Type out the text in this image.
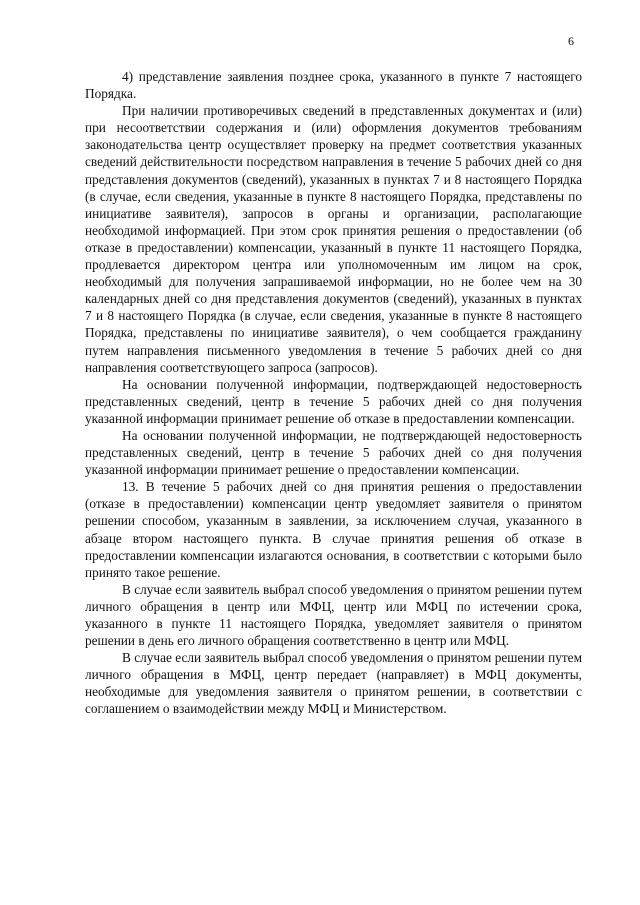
6

4) представление заявления позднее срока, указанного в пункте 7 настоящего Порядка.

При наличии противоречивых сведений в представленных документах и (или) при несоответствии содержания и (или) оформления документов требованиям законодательства центр осуществляет проверку на предмет соответствия указанных сведений действительности посредством направления в течение 5 рабочих дней со дня представления документов (сведений), указанных в пунктах 7 и 8 настоящего Порядка (в случае, если сведения, указанные в пункте 8 настоящего Порядка, представлены по инициативе заявителя), запросов в органы и организации, располагающие необходимой информацией. При этом срок принятия решения о предоставлении (об отказе в предоставлении) компенсации, указанный в пункте 11 настоящего Порядка, продлевается директором центра или уполномоченным им лицом на срок, необходимый для получения запрашиваемой информации, но не более чем на 30 календарных дней со дня представления документов (сведений), указанных в пунктах 7 и 8 настоящего Порядка (в случае, если сведения, указанные в пункте 8 настоящего Порядка, представлены по инициативе заявителя), о чем сообщается гражданину путем направления письменного уведомления в течение 5 рабочих дней со дня направления соответствующего запроса (запросов).

На основании полученной информации, подтверждающей недостоверность представленных сведений, центр в течение 5 рабочих дней со дня получения указанной информации принимает решение об отказе в предоставлении компенсации.

На основании полученной информации, не подтверждающей недостоверность представленных сведений, центр в течение 5 рабочих дней со дня получения указанной информации принимает решение о предоставлении компенсации.

13. В течение 5 рабочих дней со дня принятия решения о предоставлении (отказе в предоставлении) компенсации центр уведомляет заявителя о принятом решении способом, указанным в заявлении, за исключением случая, указанного в абзаце втором настоящего пункта. В случае принятия решения об отказе в предоставлении компенсации излагаются основания, в соответствии с которыми было принято такое решение.

В случае если заявитель выбрал способ уведомления о принятом решении путем личного обращения в центр или МФЦ, центр или МФЦ по истечении срока, указанного в пункте 11 настоящего Порядка, уведомляет заявителя о принятом решении в день его личного обращения соответственно в центр или МФЦ.

В случае если заявитель выбрал способ уведомления о принятом решении путем личного обращения в МФЦ, центр передает (направляет) в МФЦ документы, необходимые для уведомления заявителя о принятом решении, в соответствии с соглашением о взаимодействии между МФЦ и Министерством.
